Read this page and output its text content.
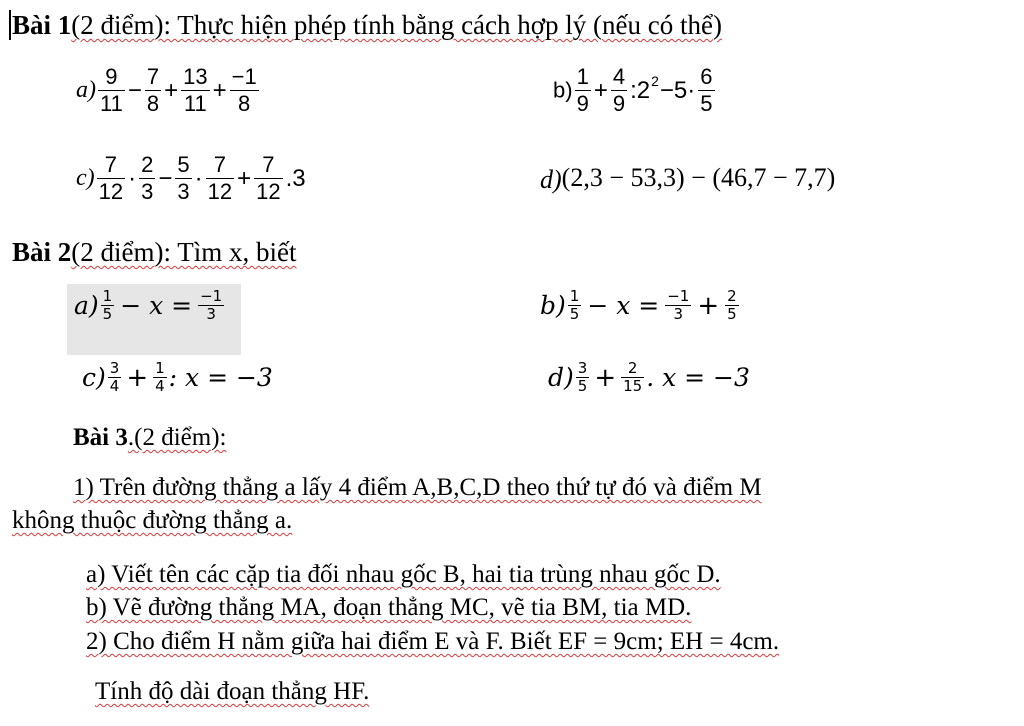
Bài 1(2 điểm): Thực hiện phép tính bằng cách hợp lý (nếu có thể)
$a) \frac{9}{11} - \frac{7}{8} + \frac{13}{11} + \frac{-1}{8}$	$b) \frac{1}{9} + \frac{4}{9}$ $:2^2-5\cdot \frac{6}{5}$
$c) \frac{7}{12} \cdot \frac{2}{3} - \frac{5}{3} \cdot \frac{7}{12} + \frac{7}{12} .3$	d)(2,3 − 53,3) − (46,7 − 7,7)
Bài 2(2 điểm): Tìm x, biết
$a) \frac{1}{5} - x = \frac{-1}{3}$	$b) \frac{1}{5} - x = \frac{-1}{3} + \frac{2}{5}$
$c) \frac{3}{4} + \frac{1}{4}$ : x = −3	$d) \frac{3}{5} + \frac{2}{15}$ . x = −3
Bài 3.(2 điểm):
1) Trên đường thẳng a lấy 4 điểm A,B,C,D theo thứ tự đó và điểm M
không thuộc đường thẳng a.
a) Viết tên các cặp tia đối nhau gốc B, hai tia trùng nhau gốc D.
b) Vẽ đường thẳng MA, đoạn thẳng MC, vẽ tia BM, tia MD.
2) Cho điểm H nằm giữa hai điểm E và F. Biết EF = 9cm; EH = 4cm.
Tính độ dài đoạn thẳng HF.
